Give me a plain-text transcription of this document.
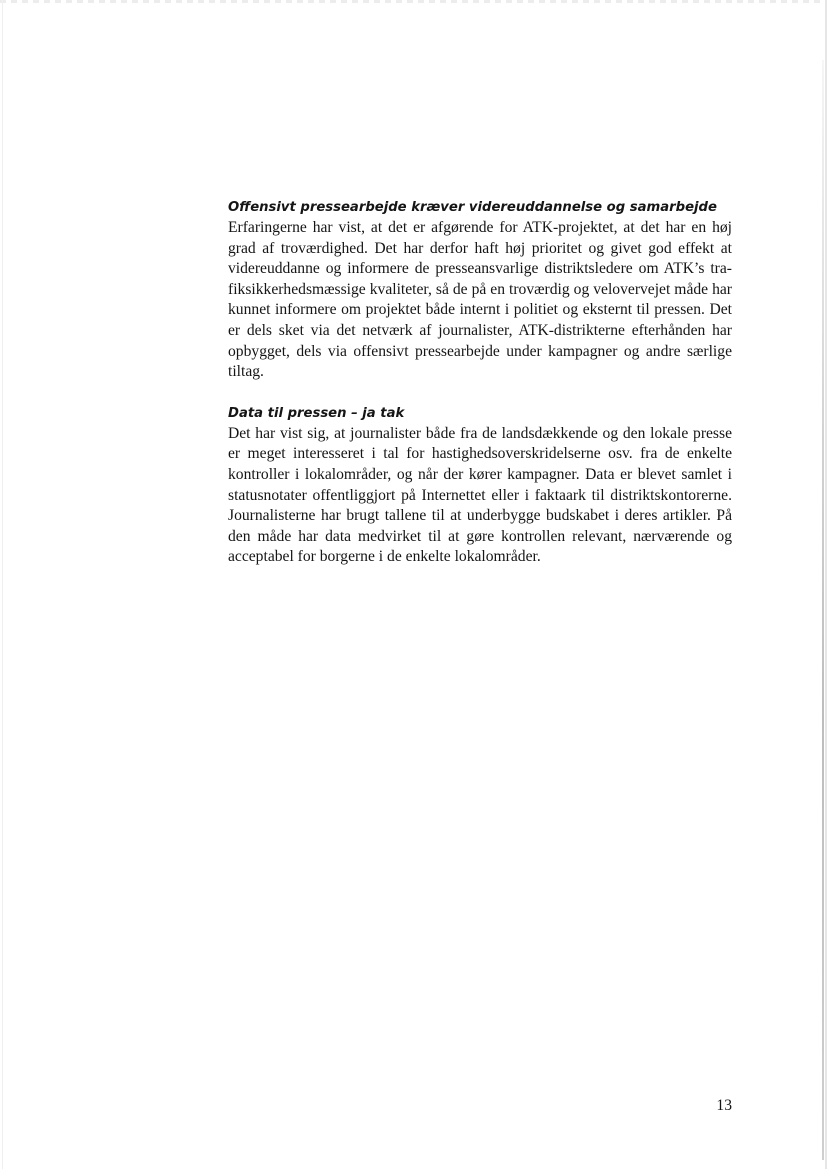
Offensivt pressearbejde kræver videreuddannelse og samarbejde

Erfaringerne har vist, at det er afgørende for ATK-projektet, at det har en høj grad af troværdighed. Det har derfor haft høj prioritet og givet god effekt at videreuddanne og informere de presseansvarlige distriktsledere om ATK’s trafiksikkerhedsmæssige kvaliteter, så de på en troværdig og velovervejet måde har kunnet informere om projektet både internt i politiet og eksternt til pressen. Det er dels sket via det netværk af journalister, ATK-distrikterne efterhånden har opbygget, dels via offensivt pressearbejde under kampagner og andre særlige tiltag.

Data til pressen – ja tak

Det har vist sig, at journalister både fra de landsdækkende og den lokale presse er meget interesseret i tal for hastighedsoverskridelserne osv. fra de enkelte kontroller i lokalområder, og når der kører kampagner. Data er blevet samlet i statusnotater offentliggjort på Internettet eller i faktaark til distriktskontorerne. Journalisterne har brugt tallene til at underbygge budskabet i deres artikler. På den måde har data medvirket til at gøre kontrollen relevant, nærværende og acceptabel for borgerne i de enkelte lokalområder.

13
